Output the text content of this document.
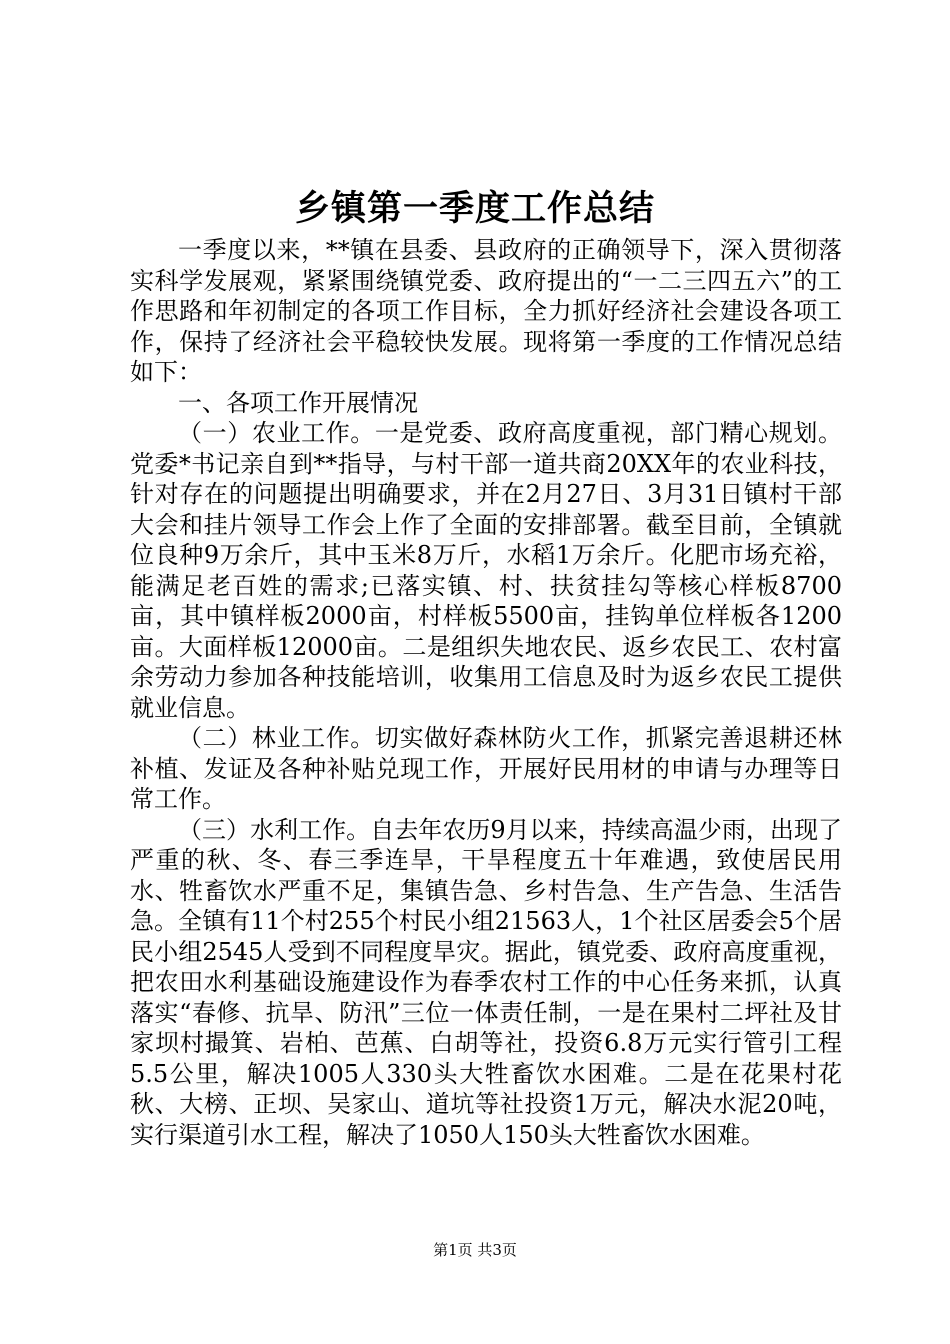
乡镇第一季度工作总结

一季度以来，**镇在县委、县政府的正确领导下，深入贯彻落实科学发展观，紧紧围绕镇党委、政府提出的“一二三四五六”的工作思路和年初制定的各项工作目标，全力抓好经济社会建设各项工作，保持了经济社会平稳较快发展。现将第一季度的工作情况总结如下：

一、各项工作开展情况

（一）农业工作。一是党委、政府高度重视，部门精心规划。党委*书记亲自到**指导，与村干部一道共商20XX年的农业科技，针对存在的问题提出明确要求，并在2月27日、3月31日镇村干部大会和挂片领导工作会上作了全面的安排部署。截至目前，全镇就位良种9万余斤，其中玉米8万斤，水稻1万余斤。化肥市场充裕，能满足老百姓的需求;已落实镇、村、扶贫挂勾等核心样板8700亩，其中镇样板2000亩，村样板5500亩，挂钩单位样板各1200亩。大面样板12000亩。二是组织失地农民、返乡农民工、农村富余劳动力参加各种技能培训，收集用工信息及时为返乡农民工提供就业信息。

（二）林业工作。切实做好森林防火工作，抓紧完善退耕还林补植、发证及各种补贴兑现工作，开展好民用材的申请与办理等日常工作。

（三）水利工作。自去年农历9月以来，持续高温少雨，出现了严重的秋、冬、春三季连旱，干旱程度五十年难遇，致使居民用水、牲畜饮水严重不足，集镇告急、乡村告急、生产告急、生活告急。全镇有11个村255个村民小组21563人，1个社区居委会5个居民小组2545人受到不同程度旱灾。据此，镇党委、政府高度重视，把农田水利基础设施建设作为春季农村工作的中心任务来抓，认真落实“春修、抗旱、防汛”三位一体责任制，一是在果村二坪社及甘家坝村撮箕、岩柏、芭蕉、白胡等社，投资6.8万元实行管引工程5.5公里，解决1005人330头大牲畜饮水困难。二是在花果村花秋、大榜、正坝、吴家山、道坑等社投资1万元，解决水泥20吨，实行渠道引水工程，解决了1050人150头大牲畜饮水困难。

第1页 共3页
